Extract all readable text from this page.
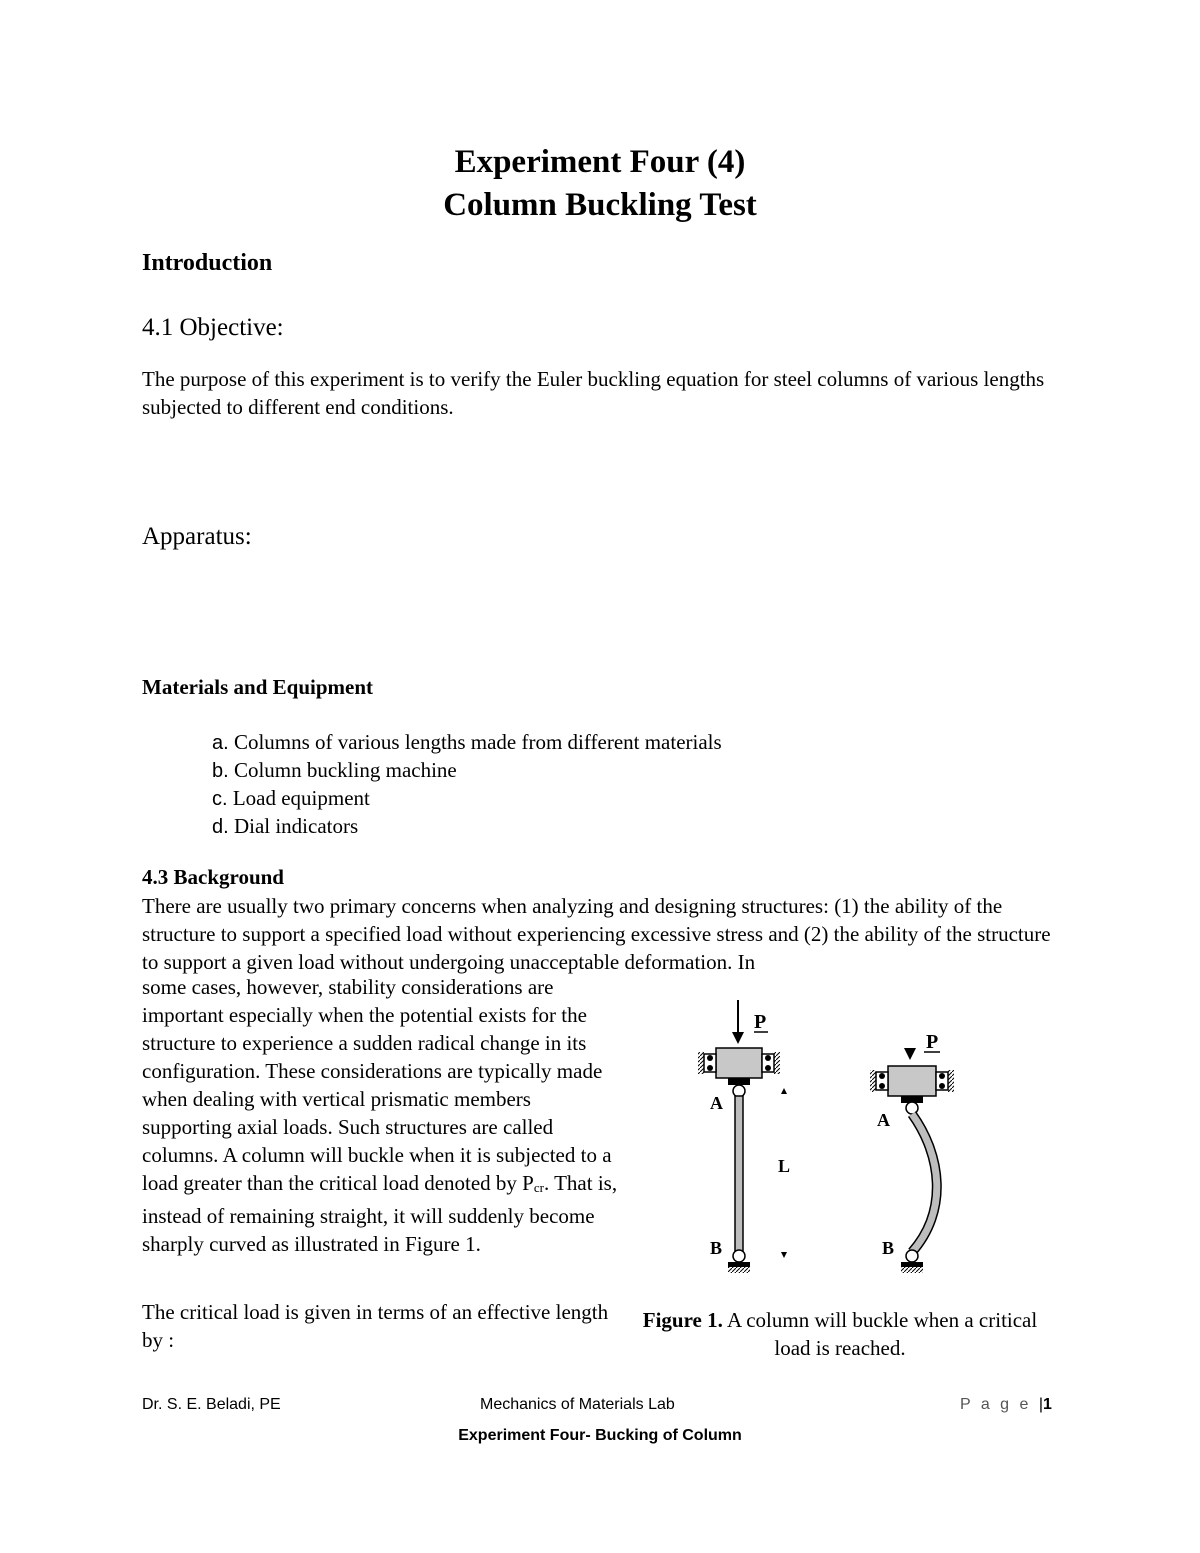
Experiment Four (4)
Column Buckling Test
Introduction
4.1 Objective:
The purpose of this experiment is to verify the Euler buckling equation for steel columns of various lengths subjected to different end conditions.
Apparatus:
Materials and Equipment
a. Columns of various lengths made from different materials
b. Column buckling machine
c. Load equipment
d. Dial indicators
4.3 Background
There are usually two primary concerns when analyzing and designing structures: (1) the ability of the structure to support a specified load without experiencing excessive stress and (2) the ability of the structure to support a given load without undergoing unacceptable deformation. In
some cases, however, stability considerations are important especially when the potential exists for the structure to experience a sudden radical change in its configuration. These considerations are typically made when dealing with vertical prismatic members supporting axial loads. Such structures are called columns. A column will buckle when it is subjected to a load greater than the critical load denoted by Pcr. That is, instead of remaining straight, it will suddenly become sharply curved as illustrated in Figure 1.
The critical load is given in terms of an effective length by :
P
A
B
L
P
A
B
Figure 1. A column will buckle when a critical load is reached.
Dr. S. E. Beladi, PE	Mechanics of Materials Lab	P a g e |1
Experiment Four- Bucking of Column
